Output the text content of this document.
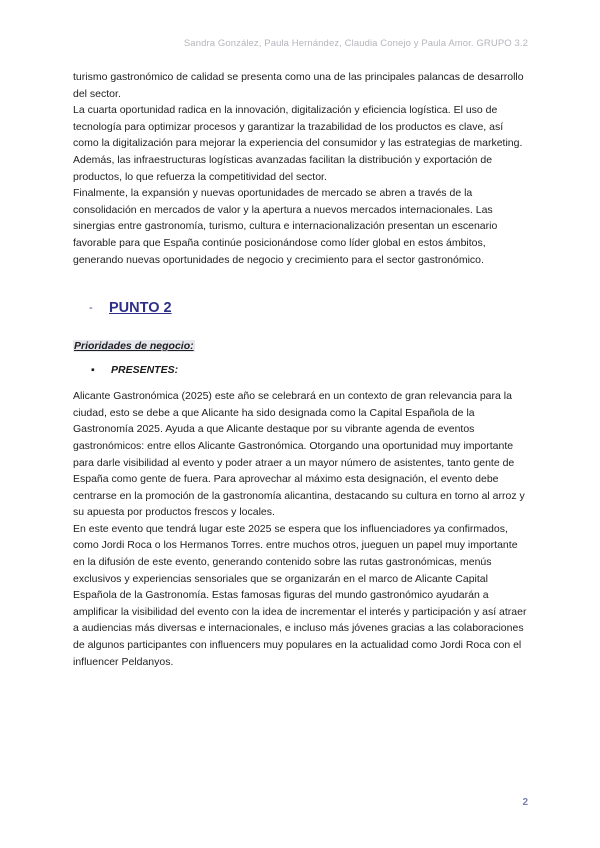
Sandra González, Paula Hernández, Claudia Conejo y Paula Amor. GRUPO 3.2

turismo gastronómico de calidad se presenta como una de las principales palancas de desarrollo del sector.

La cuarta oportunidad radica en la innovación, digitalización y eficiencia logística. El uso de tecnología para optimizar procesos y garantizar la trazabilidad de los productos es clave, así como la digitalización para mejorar la experiencia del consumidor y las estrategias de marketing. Además, las infraestructuras logísticas avanzadas facilitan la distribución y exportación de productos, lo que refuerza la competitividad del sector.

Finalmente, la expansión y nuevas oportunidades de mercado se abren a través de la consolidación en mercados de valor y la apertura a nuevos mercados internacionales. Las sinergias entre gastronomía, turismo, cultura e internacionalización presentan un escenario favorable para que España continúe posicionándose como líder global en estos ámbitos, generando nuevas oportunidades de negocio y crecimiento para el sector gastronómico.

-	PUNTO 2
Prioridades de negocio:
▪	PRESENTES:

Alicante Gastronómica (2025) este año se celebrará en un contexto de gran relevancia para la ciudad, esto se debe a que Alicante ha sido designada como la Capital Española de la Gastronomía 2025. Ayuda a que Alicante destaque por su vibrante agenda de eventos gastronómicos: entre ellos Alicante Gastronómica. Otorgando una oportunidad muy importante para darle visibilidad al evento y poder atraer a un mayor número de asistentes, tanto gente de España como gente de fuera. Para aprovechar al máximo esta designación, el evento debe centrarse en la promoción de la gastronomía alicantina, destacando su cultura en torno al arroz y su apuesta por productos frescos y locales.

En este evento que tendrá lugar este 2025 se espera que los influenciadores ya confirmados, como Jordi Roca o los Hermanos Torres. entre muchos otros, jueguen un papel muy importante en la difusión de este evento, generando contenido sobre las rutas gastronómicas, menús exclusivos y experiencias sensoriales que se organizarán en el marco de Alicante Capital Española de la Gastronomía. Estas famosas figuras del mundo gastronómico ayudarán a amplificar la visibilidad del evento con la idea de incrementar el interés y participación y así atraer a audiencias más diversas e internacionales, e incluso más jóvenes gracias a las colaboraciones de algunos participantes con influencers muy populares en la actualidad como Jordi Roca con el influencer Peldanyos.

2
